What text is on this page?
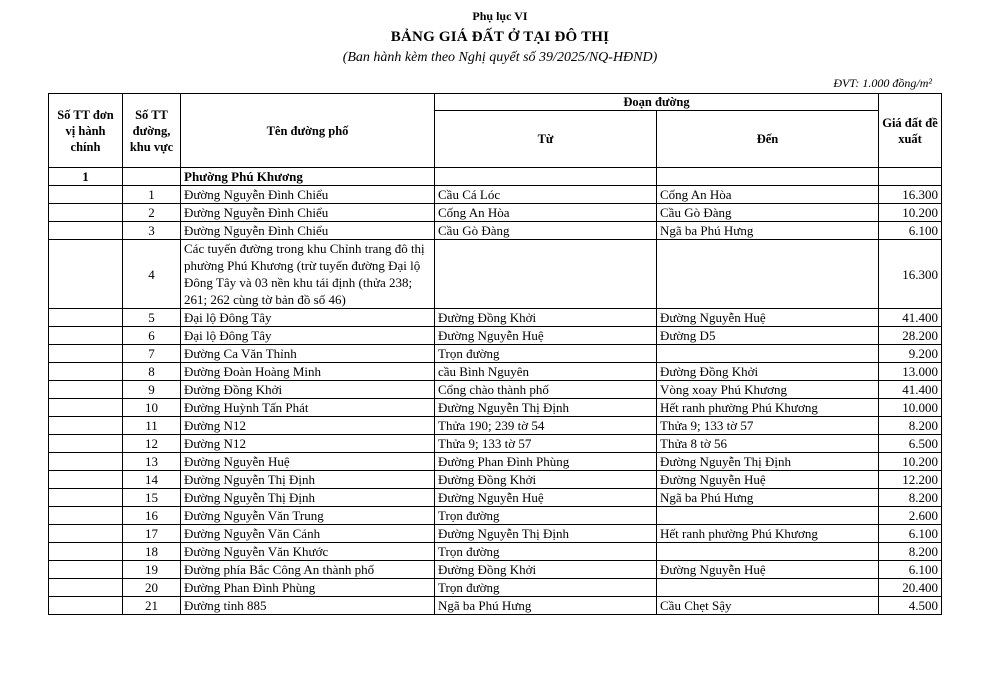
Phụ lục VI
BẢNG GIÁ ĐẤT Ở TẠI ĐÔ THỊ
(Ban hành kèm theo Nghị quyết số 39/2025/NQ-HĐND)
ĐVT: 1.000 đồng/m²
Số TT đơn vị hành chính	Số TT đường, khu vực	Tên đường phố	Đoạn đường		Giá đất đề xuất
			Từ	Đến	
1		Phường Phú Khương			
	1	Đường Nguyễn Đình Chiểu	Cầu Cá Lóc	Cống An Hòa	16.300
	2	Đường Nguyễn Đình Chiểu	Cống An Hòa	Cầu Gò Đàng	10.200
	3	Đường Nguyễn Đình Chiểu	Cầu Gò Đàng	Ngã ba Phú Hưng	6.100
	4	Các tuyến đường trong khu Chỉnh trang đô thị phường Phú Khương (trừ tuyến đường Đại lộ Đông Tây và 03 nền khu tái định (thửa 238; 261; 262 cùng tờ bản đồ số 46)			16.300
	5	Đại lộ Đông Tây	Đường Đồng Khởi	Đường Nguyễn Huệ	41.400
	6	Đại lộ Đông Tây	Đường Nguyễn Huệ	Đường D5	28.200
	7	Đường Ca Văn Thỉnh	Trọn đường		9.200
	8	Đường Đoàn Hoàng Minh	cầu Bình Nguyên	Đường Đồng Khởi	13.000
	9	Đường Đồng Khởi	Cổng chào thành phố	Vòng xoay Phú Khương	41.400
	10	Đường Huỳnh Tấn Phát	Đường Nguyễn Thị Định	Hết ranh phường Phú Khương	10.000
	11	Đường N12	Thửa 190; 239 tờ 54	Thửa 9; 133 tờ 57	8.200
	12	Đường N12	Thửa 9; 133 tờ 57	Thửa 8 tờ 56	6.500
	13	Đường Nguyễn Huệ	Đường Phan Đình Phùng	Đường Nguyễn Thị Định	10.200
	14	Đường Nguyễn Thị Định	Đường Đồng Khởi	Đường Nguyễn Huệ	12.200
	15	Đường Nguyễn Thị Định	Đường Nguyễn Huệ	Ngã ba Phú Hưng	8.200
	16	Đường Nguyễn Văn Trung	Trọn đường		2.600
	17	Đường Nguyễn Văn Cánh	Đường Nguyễn Thị Định	Hết ranh phường Phú Khương	6.100
	18	Đường Nguyễn Văn Khước	Trọn đường		8.200
	19	Đường phía Bắc Công An thành phố	Đường Đồng Khởi	Đường Nguyễn Huệ	6.100
	20	Đường Phan Đình Phùng	Trọn đường		20.400
	21	Đường tỉnh 885	Ngã ba Phú Hưng	Cầu Chẹt Sậy	4.500
